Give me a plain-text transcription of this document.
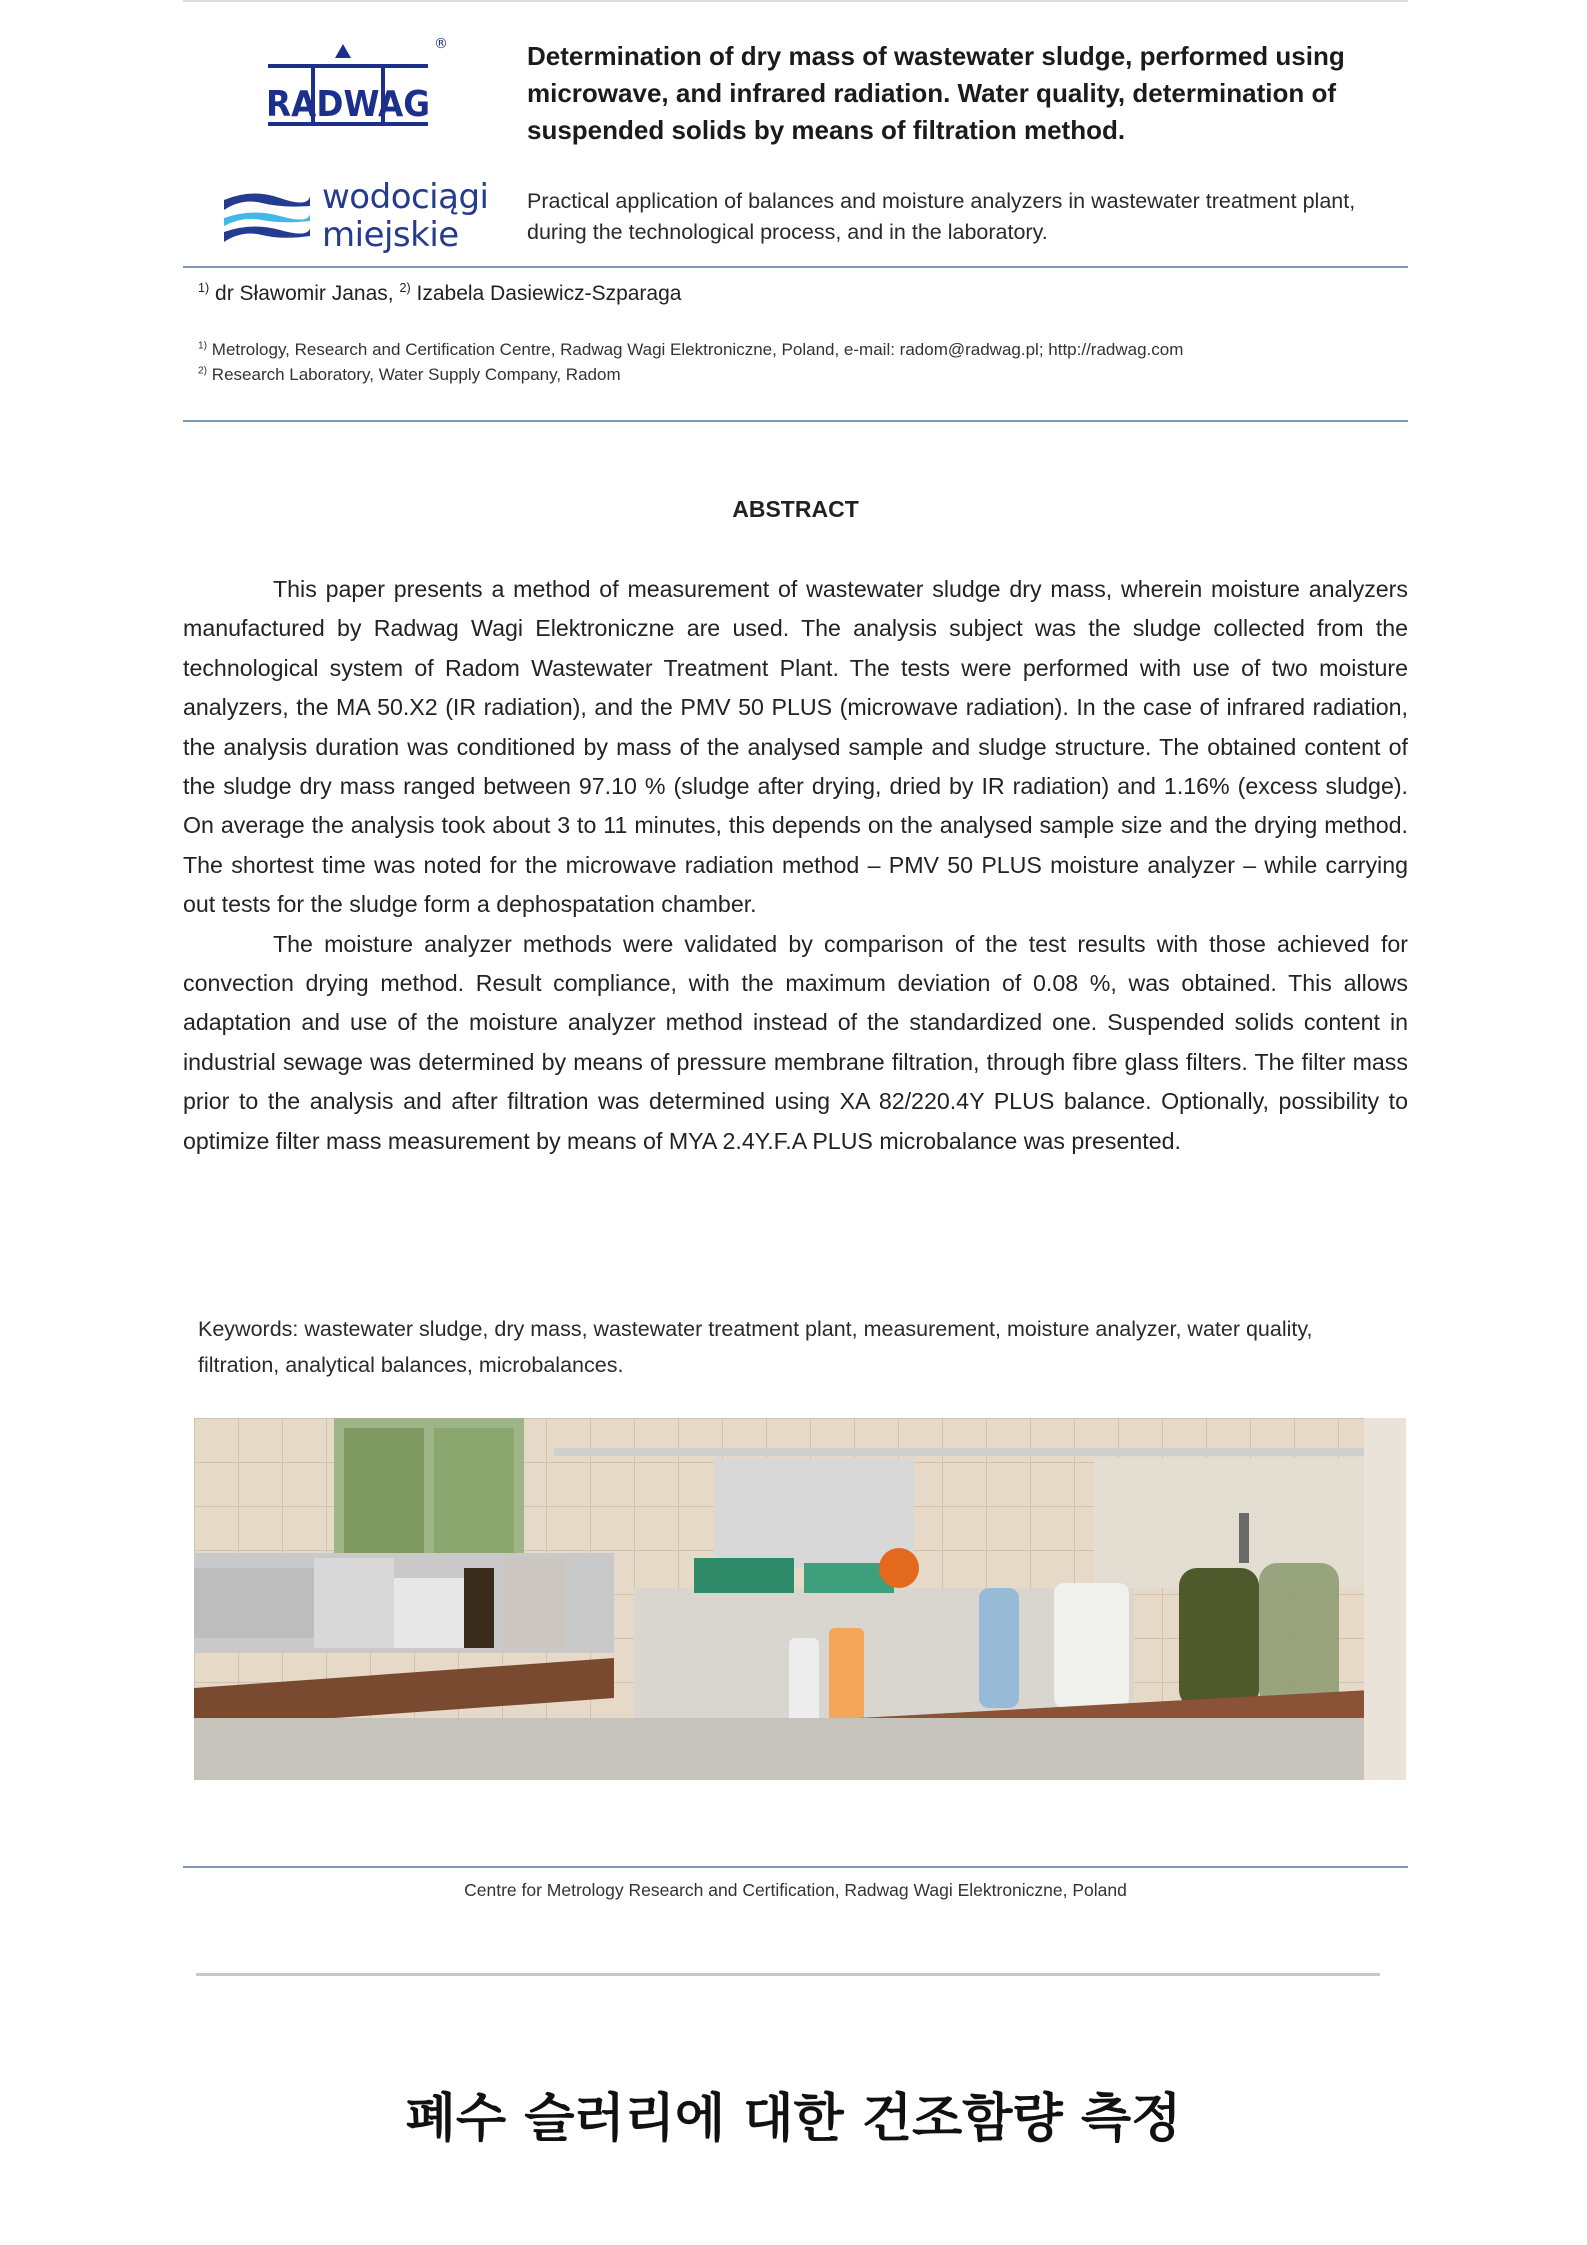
RADWAG
®
wodociągi
miejskie
Determination of dry mass of wastewater sludge, performed using microwave, and infrared radiation. Water quality, determination of suspended solids by means of filtration method.
Practical application of balances and moisture analyzers in wastewater treatment plant, during the technological process, and in the laboratory.
$^{1)}$ dr Sławomir Janas, $^{2)}$ Izabela Dasiewicz-Szparaga
$^{1)}$ Metrology, Research and Certification Centre, Radwag Wagi Elektroniczne, Poland, e-mail: radom@radwag.pl; http://radwag.com
$^{2)}$ Research Laboratory, Water Supply Company, Radom
ABSTRACT

This paper presents a method of measurement of wastewater sludge dry mass, wherein moisture analyzers manufactured by Radwag Wagi Elektroniczne are used. The analysis subject was the sludge collected from the technological system of Radom Wastewater Treatment Plant. The tests were performed with use of two moisture analyzers, the MA 50.X2 (IR radiation), and the PMV 50 PLUS (microwave radiation). In the case of infrared radiation, the analysis duration was conditioned by mass of the analysed sample and sludge structure. The obtained content of the sludge dry mass ranged between 97.10 % (sludge after drying, dried by IR radiation) and 1.16% (excess sludge). On average the analysis took about 3 to 11 minutes, this depends on the analysed sample size and the drying method. The shortest time was noted for the microwave radiation method – PMV 50 PLUS moisture analyzer – while carrying out tests for the sludge form a dephospatation chamber.

The moisture analyzer methods were validated by comparison of the test results with those achieved for convection drying method. Result compliance, with the maximum deviation of 0.08 %, was obtained. This allows adaptation and use of the moisture analyzer method instead of the standardized one. Suspended solids content in industrial sewage was determined by means of pressure membrane filtration, through fibre glass filters. The filter mass prior to the analysis and after filtration was determined using XA 82/220.4Y PLUS balance. Optionally, possibility to optimize filter mass measurement by means of MYA 2.4Y.F.A PLUS microbalance was presented.

Keywords: wastewater sludge, dry mass, wastewater treatment plant, measurement, moisture analyzer, water quality, filtration, analytical balances, microbalances.
Centre for Metrology Research and Certification, Radwag Wagi Elektroniczne, Poland
폐수 슬러리에 대한 건조함량 측정
